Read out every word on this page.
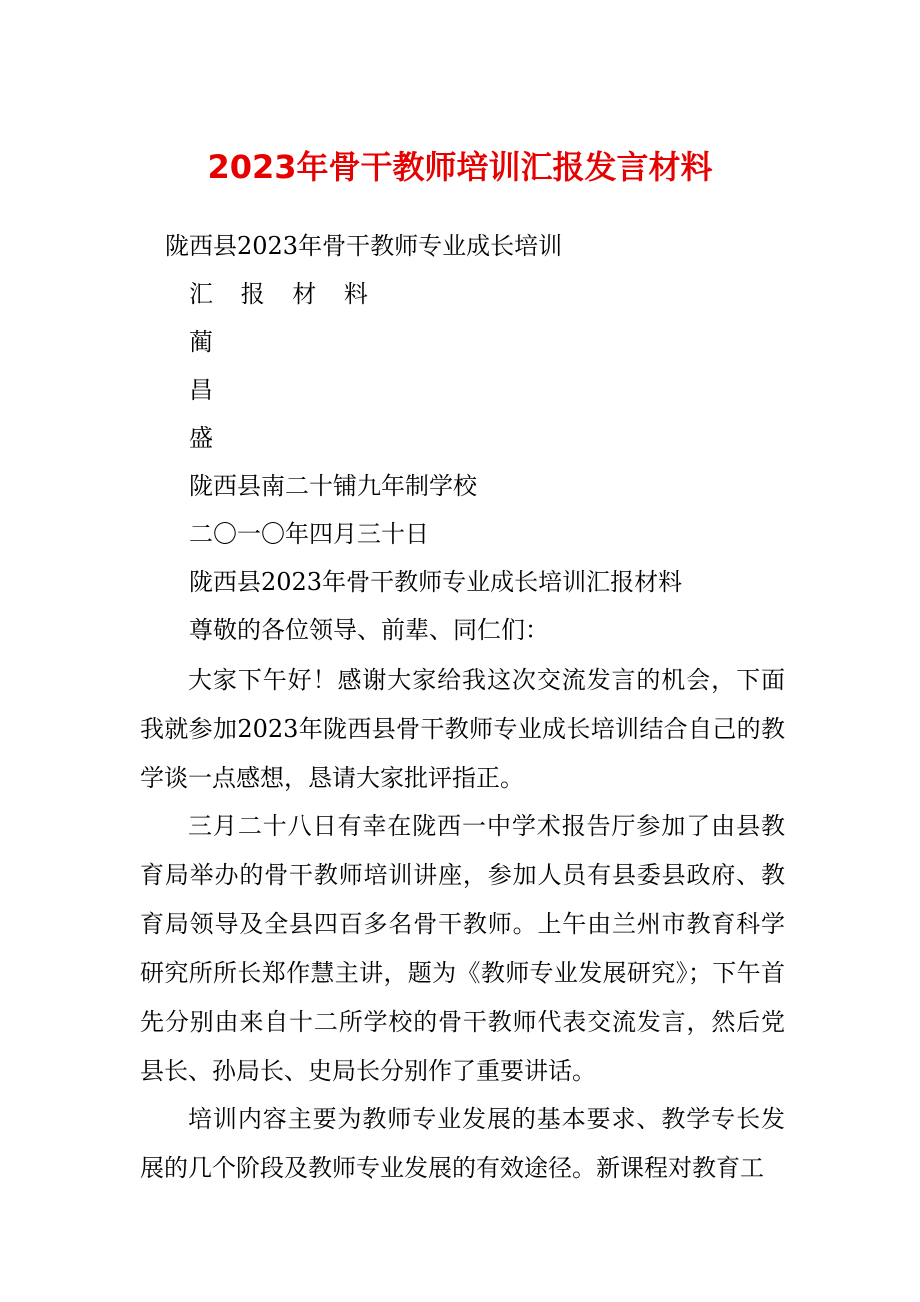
2023年骨干教师培训汇报发言材料

陇西县2023年骨干教师专业成长培训

汇 报 材 料

蔺

昌

盛

陇西县南二十铺九年制学校

二〇一〇年四月三十日

陇西县2023年骨干教师专业成长培训汇报材料

尊敬的各位领导、前辈、同仁们：

大家下午好！感谢大家给我这次交流发言的机会，下面我就参加2023年陇西县骨干教师专业成长培训结合自己的教学谈一点感想，恳请大家批评指正。

三月二十八日有幸在陇西一中学术报告厅参加了由县教育局举办的骨干教师培训讲座，参加人员有县委县政府、教育局领导及全县四百多名骨干教师。上午由兰州市教育科学研究所所长郑作慧主讲，题为《教师专业发展研究》；下午首先分别由来自十二所学校的骨干教师代表交流发言，然后党县长、孙局长、史局长分别作了重要讲话。

培训内容主要为教师专业发展的基本要求、教学专长发展的几个阶段及教师专业发展的有效途径。新课程对教育工
